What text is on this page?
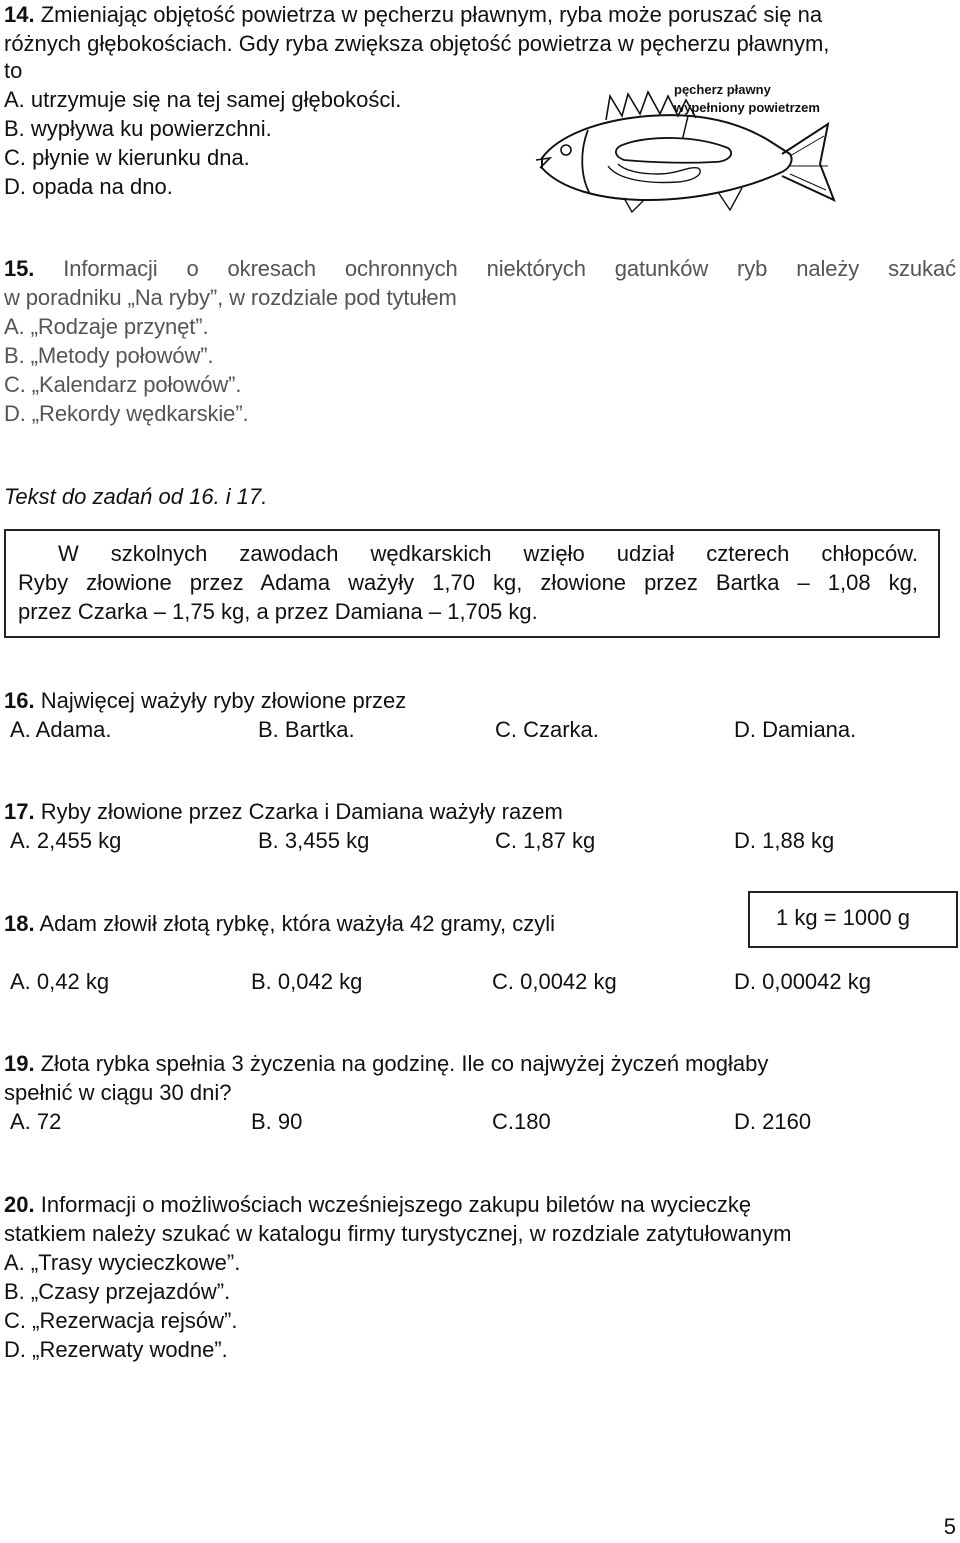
14. Zmieniając objętość powietrza w pęcherzu pławnym, ryba może poruszać się na
różnych głębokościach. Gdy ryba zwiększa objętość powietrza w pęcherzu pławnym,
to
A. utrzymuje się na tej samej głębokości.
B. wypływa ku powierzchni.
C. płynie w kierunku dna.
D. opada na dno.
pęcherz pławny
wypełniony powietrzem
15. Informacji o okresach ochronnych niektórych gatunków ryb należy szukać
w poradniku „Na ryby”, w rozdziale pod tytułem
A. „Rodzaje przynęt”.
B. „Metody połowów”.
C. „Kalendarz połowów”.
D. „Rekordy wędkarskie”.
Tekst do zadań od 16. i 17.
W szkolnych zawodach wędkarskich wzięło udział czterech chłopców.
Ryby złowione przez Adama ważyły 1,70 kg, złowione przez Bartka – 1,08 kg,
przez Czarka – 1,75 kg, a przez Damiana – 1,705 kg.
16. Najwięcej ważyły ryby złowione przez
A. Adama.	B. Bartka.	C. Czarka.	D. Damiana.
17. Ryby złowione przez Czarka i Damiana ważyły razem
A. 2,455 kg	B. 3,455 kg	C. 1,87 kg	D. 1,88 kg
18. Adam złowił złotą rybkę, która ważyła 42 gramy, czyli	1 kg = 1000 g
A. 0,42 kg	B. 0,042 kg	C. 0,0042 kg	D. 0,00042 kg
19. Złota rybka spełnia 3 życzenia na godzinę. Ile co najwyżej życzeń mogłaby
spełnić w ciągu 30 dni?
A. 72	B. 90	C.180	D. 2160
20. Informacji o możliwościach wcześniejszego zakupu biletów na wycieczkę
statkiem należy szukać w katalogu firmy turystycznej, w rozdziale zatytułowanym
A. „Trasy wycieczkowe”.
B. „Czasy przejazdów”.
C. „Rezerwacja rejsów”.
D. „Rezerwaty wodne”.
5
